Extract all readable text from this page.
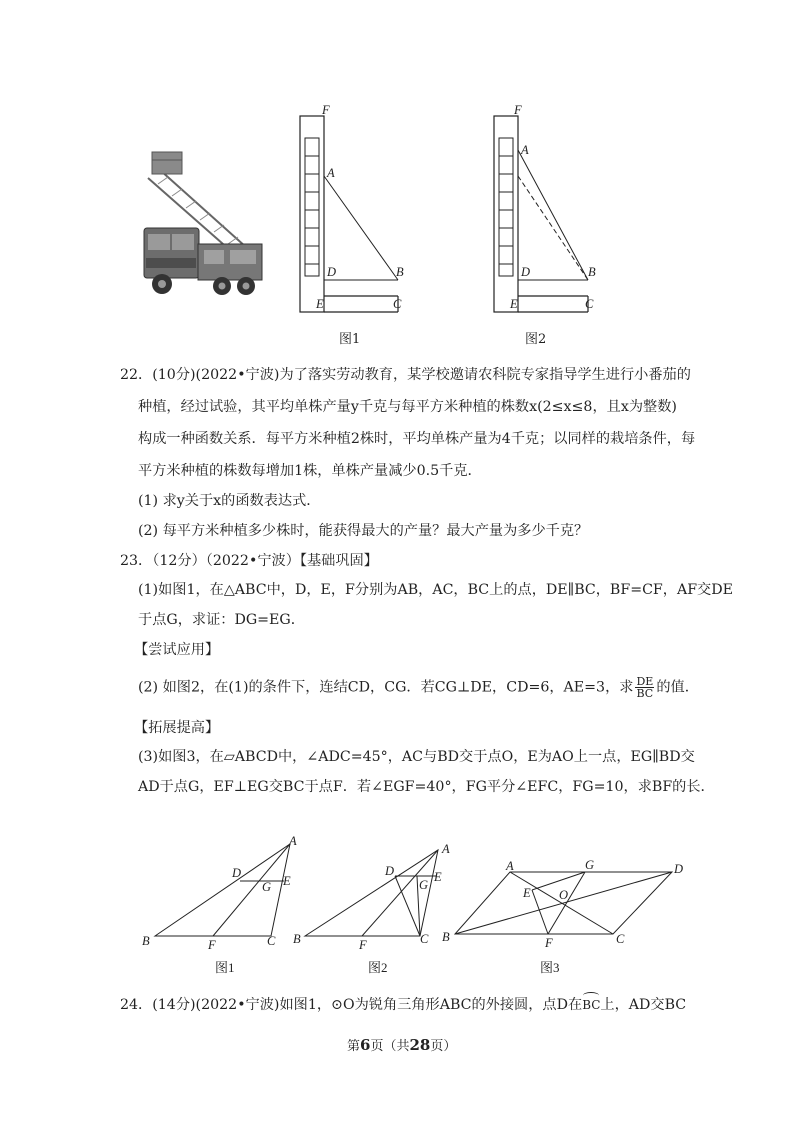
F
A
D	B
E	C
图1
F
A
D	B
E	C
图2
22．(10分)(2022•宁波)为了落实劳动教育，某学校邀请农科院专家指导学生进行小番茄的
种植，经过试验，其平均单株产量y千克与每平方米种植的株数x(2≤x≤8，且x为整数)
构成一种函数关系．每平方米种植2株时，平均单株产量为4千克；以同样的栽培条件，每
平方米种植的株数每增加1株，单株产量减少0.5千克．
(1) 求y关于x的函数表达式．
(2) 每平方米种植多少株时，能获得最大的产量？最大产量为多少千克？
23．（12分）（2022•宁波）【基础巩固】
(1)如图1，在△ABC中，D，E，F分别为AB，AC，BC上的点，DE∥BC，BF=CF，AF交DE
于点G，求证：DG=EG．
【尝试应用】
(2) 如图2，在(1)的条件下，连结CD，CG．若CG⊥DE，CD=6，AE=3，求 $\frac{DE}{BC}$ 的值．
【拓展提高】
(3)如图3，在▱ABCD中，∠ADC=45°，AC与BD交于点O，E为AO上一点，EG∥BD交
AD于点G，EF⊥EG交BC于点F．若∠EGF=40°，FG平分∠EFC，FG=10，求BF的长．
图1	图2	图3
A
D
G E
B	F	C
A
D
G
E
B	F	C
A	G	D
E O
B	F	C
24．(14分)(2022•宁波)如图1，⊙O为锐角三角形ABC的外接圆，点D在BC上，AD交BC
第6页（共28页）
